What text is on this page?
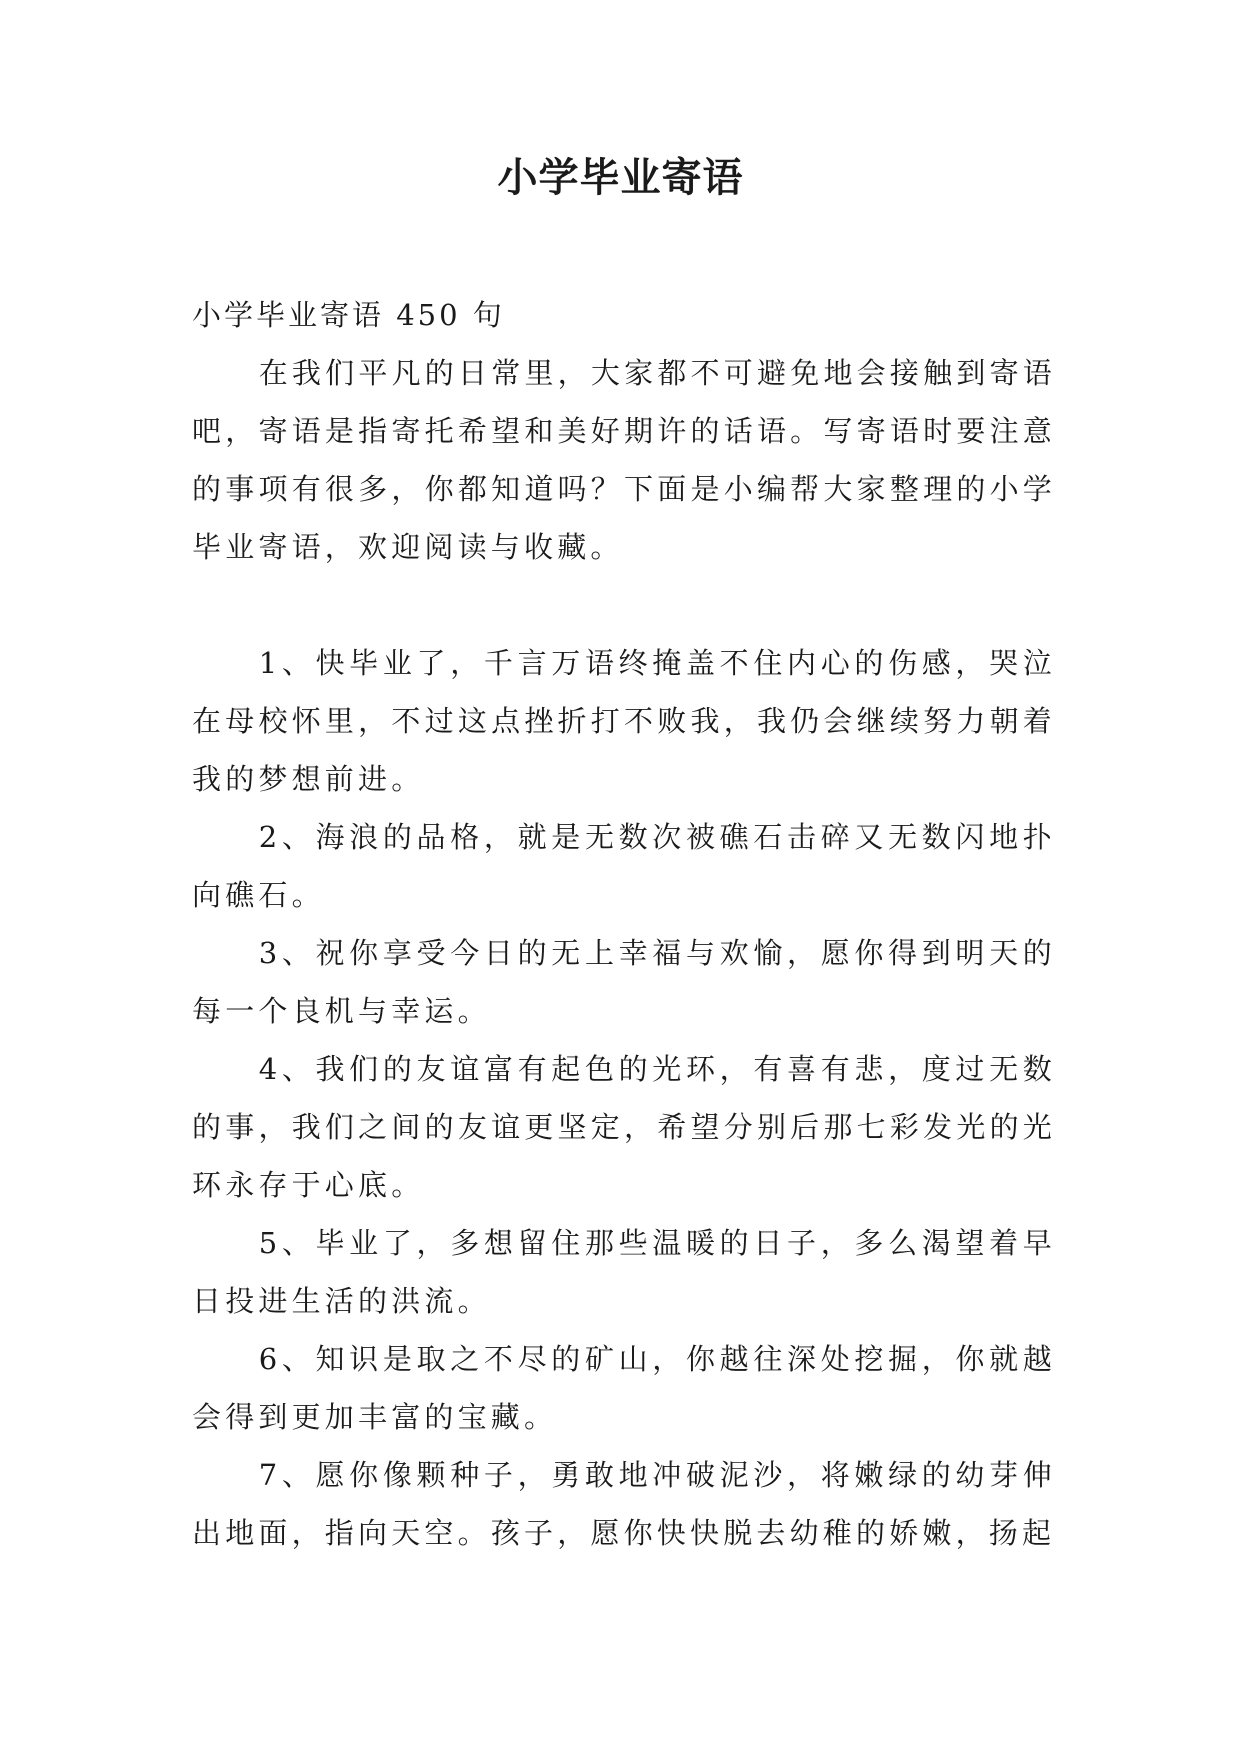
小学毕业寄语

小学毕业寄语 450 句

在我们平凡的日常里，大家都不可避免地会接触到寄语吧，寄语是指寄托希望和美好期许的话语。写寄语时要注意的事项有很多，你都知道吗？下面是小编帮大家整理的小学毕业寄语，欢迎阅读与收藏。

1、快毕业了，千言万语终掩盖不住内心的伤感，哭泣在母校怀里，不过这点挫折打不败我，我仍会继续努力朝着我的梦想前进。

2、海浪的品格，就是无数次被礁石击碎又无数闪地扑向礁石。

3、祝你享受今日的无上幸福与欢愉，愿你得到明天的每一个良机与幸运。

4、我们的友谊富有起色的光环，有喜有悲，度过无数的事，我们之间的友谊更坚定，希望分别后那七彩发光的光环永存于心底。

5、毕业了，多想留住那些温暖的日子，多么渴望着早日投进生活的洪流。

6、知识是取之不尽的矿山，你越往深处挖掘，你就越会得到更加丰富的宝藏。

7、愿你像颗种子，勇敢地冲破泥沙，将嫩绿的幼芽伸出地面，指向天空。孩子，愿你快快脱去幼稚的娇嫩，扬起
